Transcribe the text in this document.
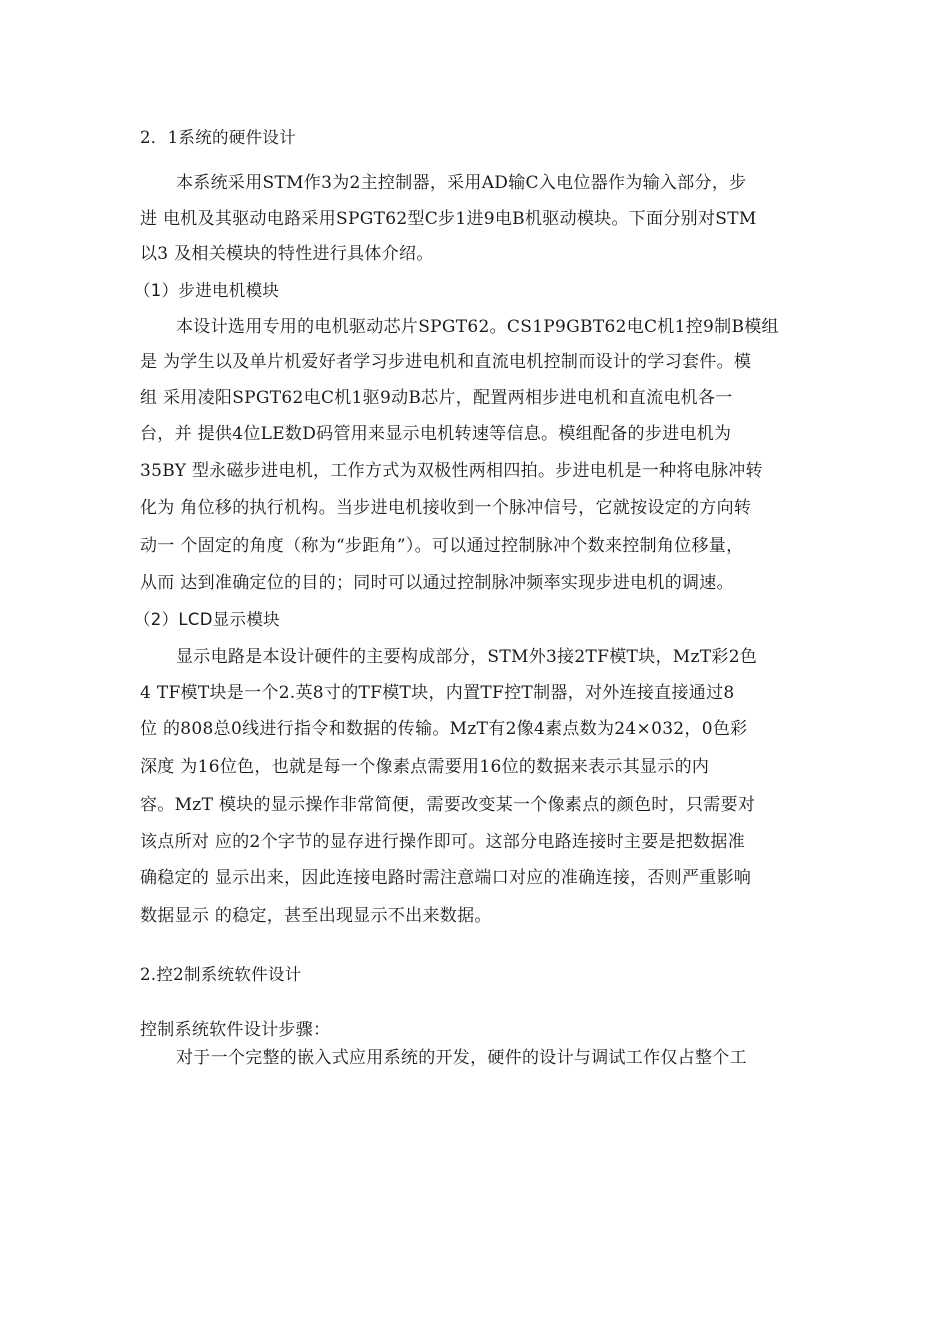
2．1系统的硬件设计
本系统采用STM作3为2主控制器，采用AD输C入电位器作为输入部分，步
进 电机及其驱动电路采用SPGT62型C步1进9电B机驱动模块。下面分别对STM
以3 及相关模块的特性进行具体介绍。
（1）步进电机模块
本设计选用专用的电机驱动芯片SPGT62。CS1P9GBT62电C机1控9制B模组
是 为学生以及单片机爱好者学习步进电机和直流电机控制而设计的学习套件。模
组 采用凌阳SPGT62电C机1驱9动B芯片，配置两相步进电机和直流电机各一
台，并 提供4位LE数D码管用来显示电机转速等信息。模组配备的步进电机为
35BY 型永磁步进电机，工作方式为双极性两相四拍。步进电机是一种将电脉冲转
化为 角位移的执行机构。当步进电机接收到一个脉冲信号，它就按设定的方向转
动一 个固定的角度（称为“步距角”）。可以通过控制脉冲个数来控制角位移量，
从而 达到准确定位的目的；同时可以通过控制脉冲频率实现步进电机的调速。
（2）LCD显示模块
显示电路是本设计硬件的主要构成部分，STM外3接2TF模T块，MzT彩2色
4 TF模T块是一个2.英8寸的TF模T块，内置TF控T制器，对外连接直接通过8
位 的808总0线进行指令和数据的传输。MzT有2像4素点数为24×032，0色彩
深度 为16位色，也就是每一个像素点需要用16位的数据来表示其显示的内
容。MzT 模块的显示操作非常简便，需要改变某一个像素点的颜色时，只需要对
该点所对 应的2个字节的显存进行操作即可。这部分电路连接时主要是把数据准
确稳定的 显示出来，因此连接电路时需注意端口对应的准确连接，否则严重影响
数据显示 的稳定，甚至出现显示不出来数据。
2.控2制系统软件设计
控制系统软件设计步骤：
对于一个完整的嵌入式应用系统的开发，硬件的设计与调试工作仅占整个工
